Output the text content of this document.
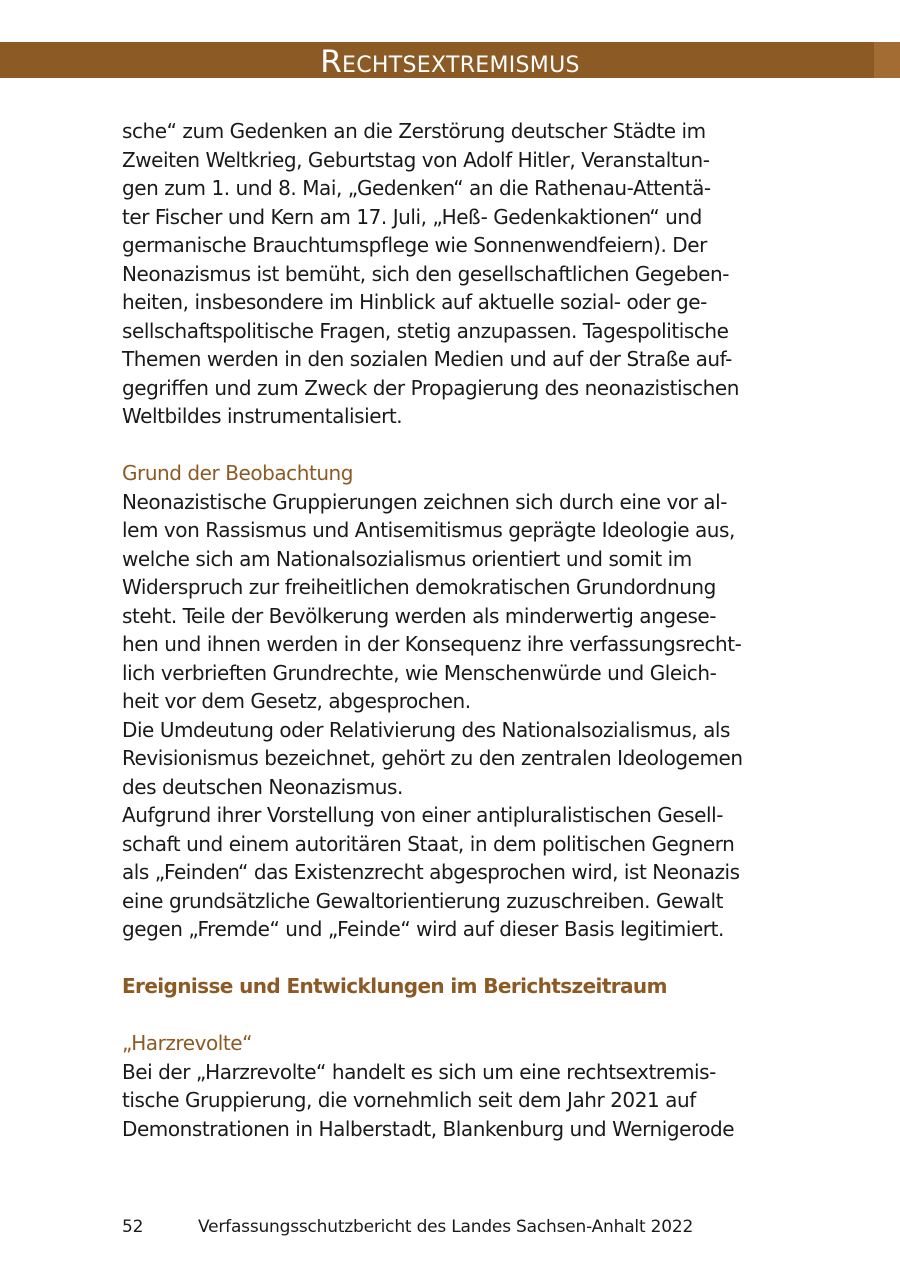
Rechtsextremismus

sche“ zum Gedenken an die Zerstörung deutscher Städte im
Zweiten Weltkrieg, Geburtstag von Adolf Hitler, Veranstaltun-
gen zum 1. und 8. Mai, „Gedenken“ an die Rathenau-Attentä-
ter Fischer und Kern am 17. Juli, „Heß- Gedenkaktionen“ und
germanische Brauchtumspflege wie Sonnenwendfeiern). Der
Neonazismus ist bemüht, sich den gesellschaftlichen Gegeben-
heiten, insbesondere im Hinblick auf aktuelle sozial- oder ge-
sellschaftspolitische Fragen, stetig anzupassen. Tagespolitische
Themen werden in den sozialen Medien und auf der Straße auf-
gegriffen und zum Zweck der Propagierung des neonazistischen
Weltbildes instrumentalisiert.

Grund der Beobachtung

Neonazistische Gruppierungen zeichnen sich durch eine vor al-
lem von Rassismus und Antisemitismus geprägte Ideologie aus,
welche sich am Nationalsozialismus orientiert und somit im
Widerspruch zur freiheitlichen demokratischen Grundordnung
steht. Teile der Bevölkerung werden als minderwertig angese-
hen und ihnen werden in der Konsequenz ihre verfassungsrecht-
lich verbrieften Grundrechte, wie Menschenwürde und Gleich-
heit vor dem Gesetz, abgesprochen.

Die Umdeutung oder Relativierung des Nationalsozialismus, als
Revisionismus bezeichnet, gehört zu den zentralen Ideologemen
des deutschen Neonazismus.

Aufgrund ihrer Vorstellung von einer antipluralistischen Gesell-
schaft und einem autoritären Staat, in dem politischen Gegnern
als „Feinden“ das Existenzrecht abgesprochen wird, ist Neonazis
eine grundsätzliche Gewaltorientierung zuzuschreiben. Gewalt
gegen „Fremde“ und „Feinde“ wird auf dieser Basis legitimiert.

Ereignisse und Entwicklungen im Berichtszeitraum

„Harzrevolte“

Bei der „Harzrevolte“ handelt es sich um eine rechtsextremis-
tische Gruppierung, die vornehmlich seit dem Jahr 2021 auf
Demonstrationen in Halberstadt, Blankenburg und Wernigerode

52	Verfassungsschutzbericht des Landes Sachsen-Anhalt 2022
